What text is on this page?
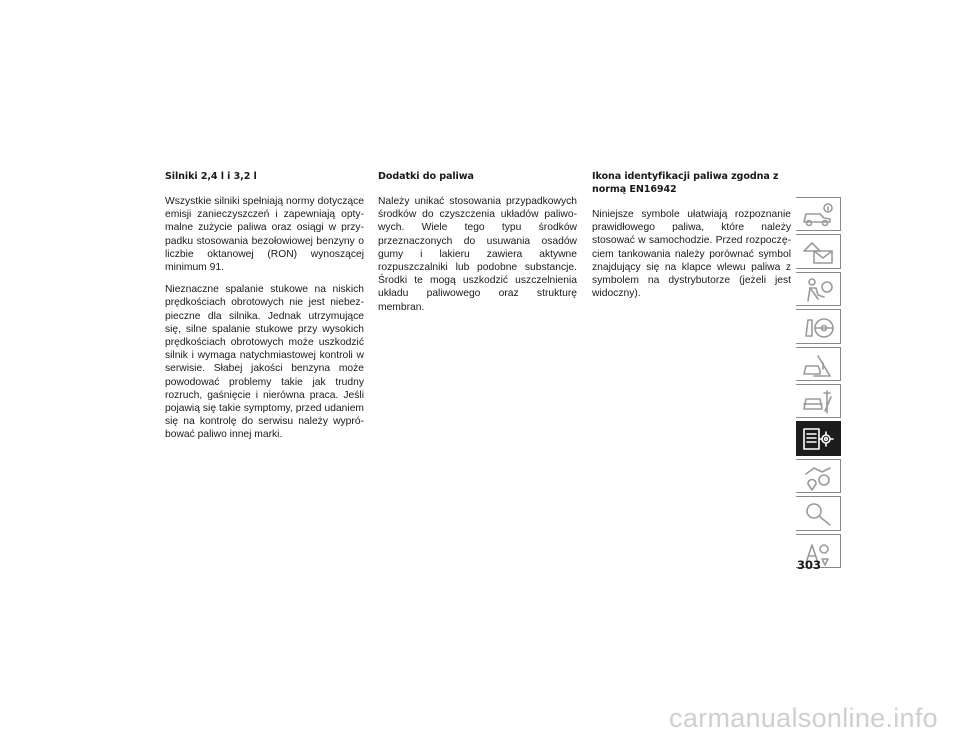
Silniki 2,4 l i 3,2 l

Wszystkie silniki spełniają normy dotyczące emisji zanieczyszczeń i zapewniają optymalne zużycie paliwa oraz osiągi w przypadku stosowania bezołowiowej benzyny o liczbie oktanowej (RON) wynoszącej minimum 91.

Nieznaczne spalanie stukowe na niskich prędkościach obrotowych nie jest niebezpieczne dla silnika. Jednak utrzymujące się, silne spalanie stukowe przy wysokich prędkościach obrotowych może uszkodzić silnik i wymaga natychmiastowej kontroli w serwisie. Słabej jakości benzyna może powodować problemy takie jak trudny rozruch, gaśnięcie i nierówna praca. Jeśli pojawią się takie symptomy, przed udaniem się na kontrolę do serwisu należy wypróbować paliwo innej marki.

Dodatki do paliwa

Należy unikać stosowania przypadkowych środków do czyszczenia układów paliwowych. Wiele tego typu środków przeznaczonych do usuwania osadów gumy i lakieru zawiera aktywne rozpuszczalniki lub podobne substancje. Środki te mogą uszkodzić uszczelnienia układu paliwowego oraz strukturę membran.

Ikona identyfikacji paliwa zgodna z normą EN16942

Niniejsze symbole ułatwiają rozpoznanie prawidłowego paliwa, które należy stosować w samochodzie. Przed rozpoczęciem tankowania należy porównać symbol znajdujący się na klapce wlewu paliwa z symbolem na dystrybutorze (jeżeli jest widoczny).

303
carmanualsonline.info
